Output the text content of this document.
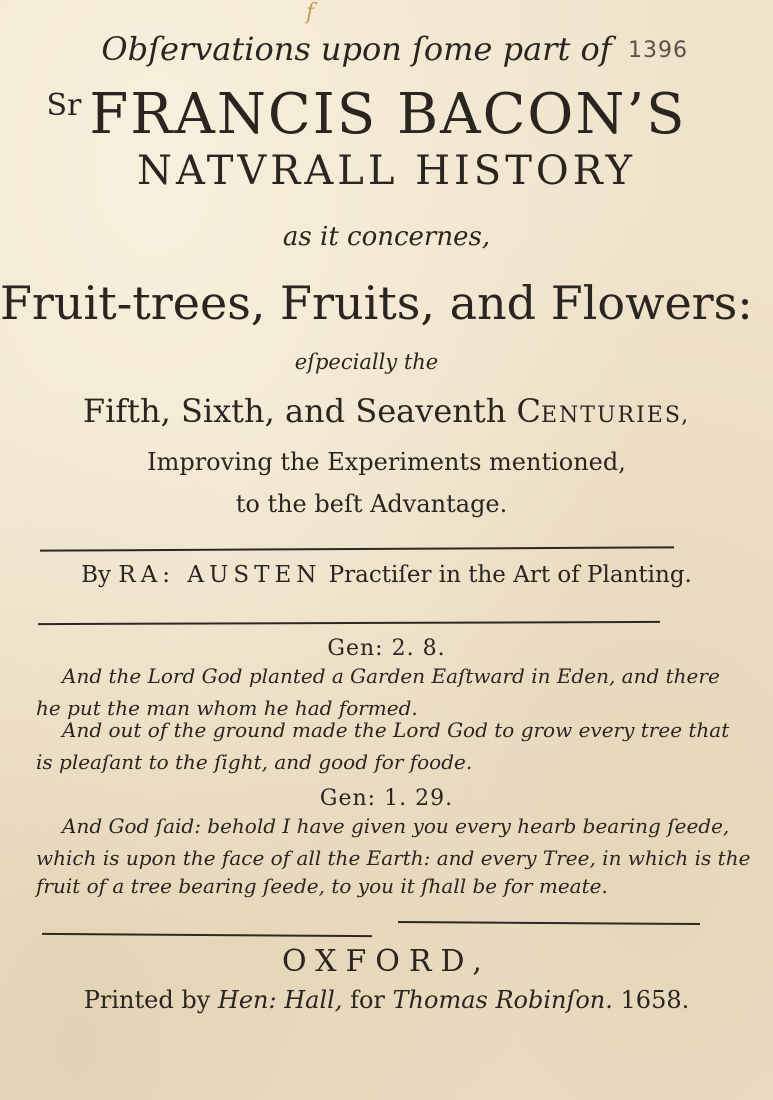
f
1396
Obſervations upon ſome part of
$^{Sr}$ FRANCIS BACON’S
NATVRALL HISTORY
as it concernes,
Fruit-trees, Fruits, and Flowers:
eſpecially the
Fifth, Sixth, and Seaventh CENTURIES,
Improving the Experiments mentioned,
to the beſt Advantage.
By RA: AUSTEN Practiſer in the Art of Planting.
Gen: 2. 8.
And the Lord God planted a Garden Eaſtward in Eden, and there
he put the man whom he had formed.
And out of the ground made the Lord God to grow every tree that
is pleaſant to the ſight, and good for foode.
Gen: 1. 29.
And God ſaid: behold I have given you every hearb bearing ſeede,
which is upon the face of all the Earth: and every Tree, in which is the
fruit of a tree bearing ſeede, to you it ſhall be for meate.
OXFORD,
Printed by Hen: Hall, for Thomas Robinſon. 1658.
